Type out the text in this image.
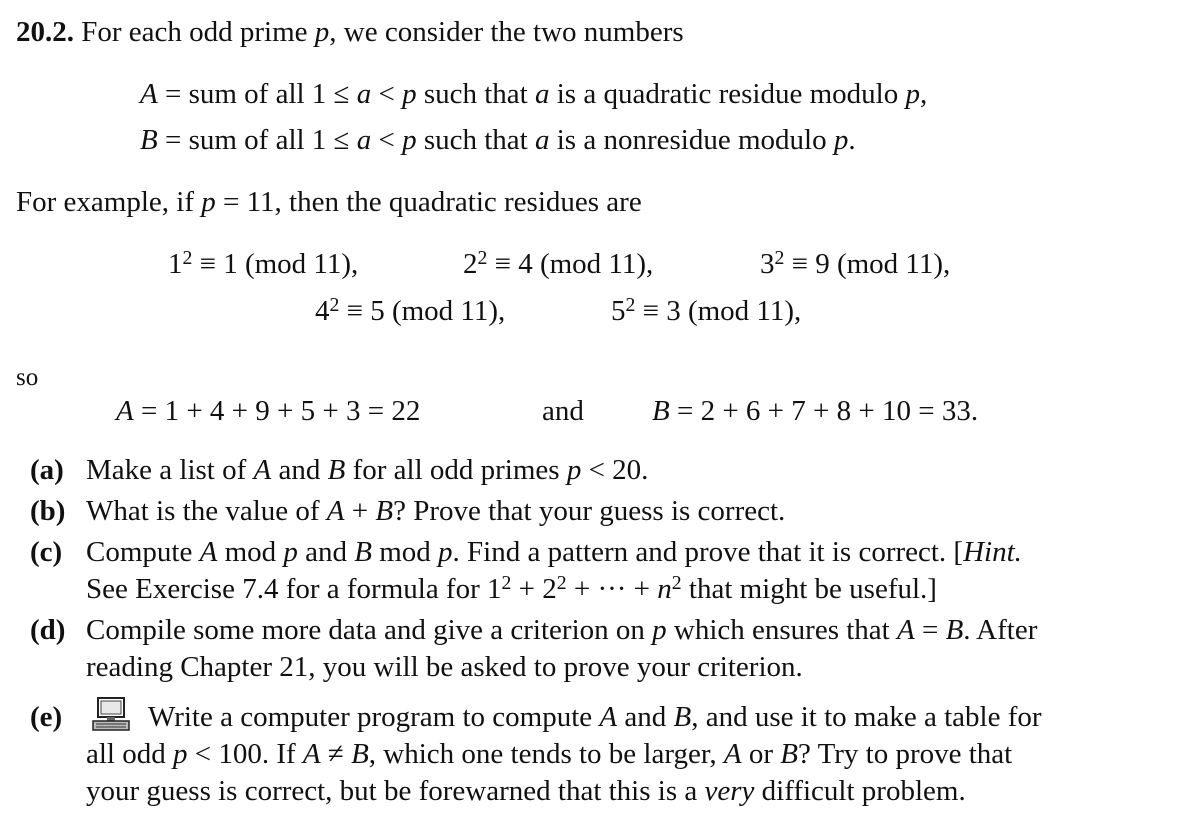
20.2. For each odd prime p, we consider the two numbers
A = sum of all 1 ≤ a < p such that a is a quadratic residue modulo p,
B = sum of all 1 ≤ a < p such that a is a nonresidue modulo p.
For example, if p = 11, then the quadratic residues are
$1^2 \equiv 1$ (mod 11),	$2^2 \equiv 4$ (mod 11),	$3^2 \equiv 9$ (mod 11),
$4^2 \equiv 5$ (mod 11),	$5^2 \equiv 3$ (mod 11),
so
A = 1 + 4 + 9 + 5 + 3 = 22	and B = 2 + 6 + 7 + 8 + 10 = 33.
(a) Make a list of A and B for all odd primes p < 20.
(b) What is the value of A + B? Prove that your guess is correct.
(c) Compute A mod p and B mod p. Find a pattern and prove that it is correct. [Hint.
See Exercise 7.4 for a formula for $1^2 + 2^2$ + ··· + $n^2$ that might be useful.]
(d) Compile some more data and give a criterion on p which ensures that A = B. After
reading Chapter 21, you will be asked to prove your criterion.
(e)	Write a computer program to compute A and B, and use it to make a table for
all odd p < 100. If A ≠ B, which one tends to be larger, A or B? Try to prove that
your guess is correct, but be forewarned that this is a very difficult problem.
